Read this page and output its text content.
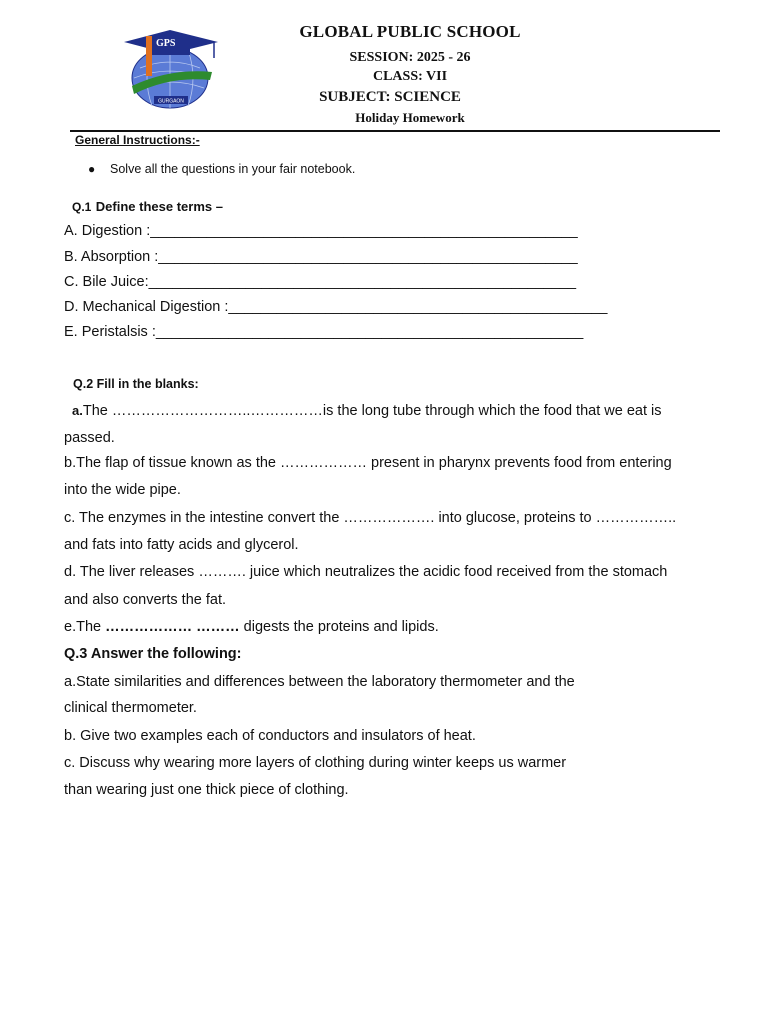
GPS
GURGAON
GLOBAL PUBLIC SCHOOL
SESSION: 2025 - 26
CLASS: VII
SUBJECT: SCIENCE
Holiday Homework
General Instructions:-
● Solve all the questions in your fair notebook.
Q.1 Define these terms –
A. Digestion :_____________________________________________________
B. Absorption :____________________________________________________
C. Bile Juice:_____________________________________________________
D. Mechanical Digestion :_______________________________________________
E. Peristalsis :_____________________________________________________
Q.2 Fill in the blanks:
a.The ………………………..……………is the long tube through which the food that we eat is
passed.
b.The flap of tissue known as the ……………… present in pharynx prevents food from entering
into the wide pipe.
c. The enzymes in the intestine convert the ………………. into glucose, proteins to ……………..
and fats into fatty acids and glycerol.
d. The liver releases ………. juice which neutralizes the acidic food received from the stomach
and also converts the fat.
e.The ……………… ……… digests the proteins and lipids.
Q.3 Answer the following:
a.State similarities and differences between the laboratory thermometer and the
clinical thermometer.
b. Give two examples each of conductors and insulators of heat.
c. Discuss why wearing more layers of clothing during winter keeps us warmer
than wearing just one thick piece of clothing.
